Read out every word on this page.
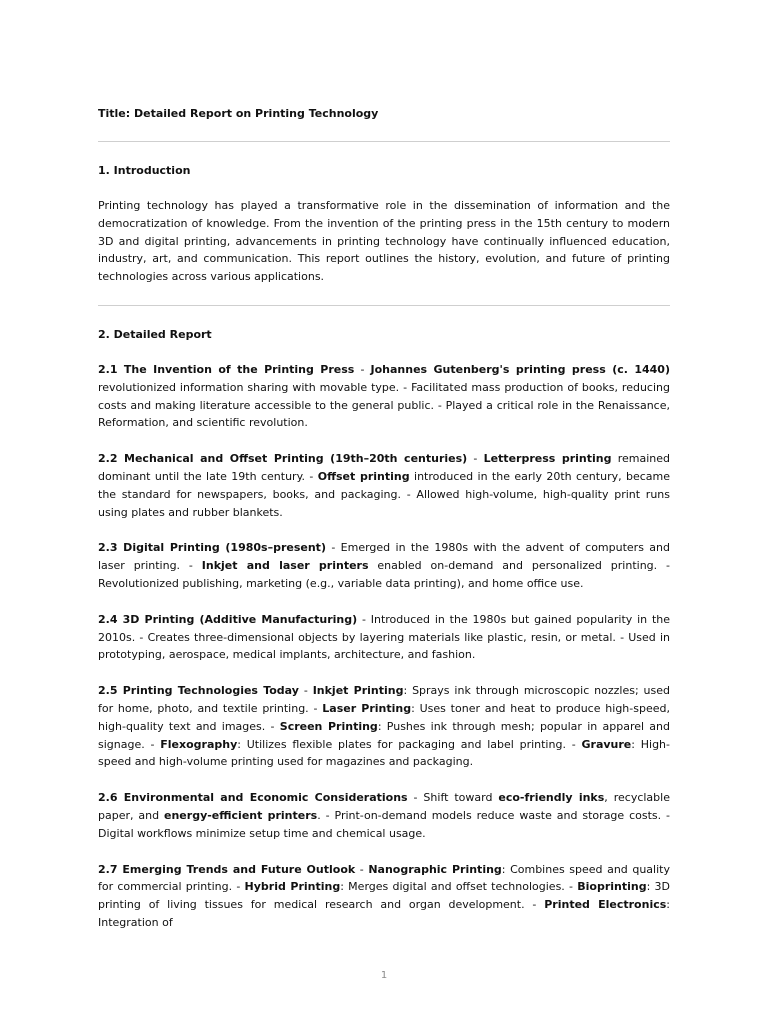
Title: Detailed Report on Printing Technology

1. Introduction

Printing technology has played a transformative role in the dissemination of information and the democratization of knowledge. From the invention of the printing press in the 15th century to modern 3D and digital printing, advancements in printing technology have continually influenced education, industry, art, and communication. This report outlines the history, evolution, and future of printing technologies across various applications.

2. Detailed Report

2.1 The Invention of the Printing Press - Johannes Gutenberg's printing press (c. 1440) revolutionized information sharing with movable type. - Facilitated mass production of books, reducing costs and making literature accessible to the general public. - Played a critical role in the Renaissance, Reformation, and scientific revolution.

2.2 Mechanical and Offset Printing (19th–20th centuries) - Letterpress printing remained dominant until the late 19th century. - Offset printing introduced in the early 20th century, became the standard for newspapers, books, and packaging. - Allowed high-volume, high-quality print runs using plates and rubber blankets.

2.3 Digital Printing (1980s–present) - Emerged in the 1980s with the advent of computers and laser printing. - Inkjet and laser printers enabled on-demand and personalized printing. - Revolutionized publishing, marketing (e.g., variable data printing), and home office use.

2.4 3D Printing (Additive Manufacturing) - Introduced in the 1980s but gained popularity in the 2010s. - Creates three-dimensional objects by layering materials like plastic, resin, or metal. - Used in prototyping, aerospace, medical implants, architecture, and fashion.

2.5 Printing Technologies Today - Inkjet Printing: Sprays ink through microscopic nozzles; used for home, photo, and textile printing. - Laser Printing: Uses toner and heat to produce high-speed, high-quality text and images. - Screen Printing: Pushes ink through mesh; popular in apparel and signage. - Flexography: Utilizes flexible plates for packaging and label printing. - Gravure: High-speed and high-volume printing used for magazines and packaging.

2.6 Environmental and Economic Considerations - Shift toward eco-friendly inks, recyclable paper, and energy-efficient printers. - Print-on-demand models reduce waste and storage costs. - Digital workflows minimize setup time and chemical usage.

2.7 Emerging Trends and Future Outlook - Nanographic Printing: Combines speed and quality for commercial printing. - Hybrid Printing: Merges digital and offset technologies. - Bioprinting: 3D printing of living tissues for medical research and organ development. - Printed Electronics: Integration of

1
